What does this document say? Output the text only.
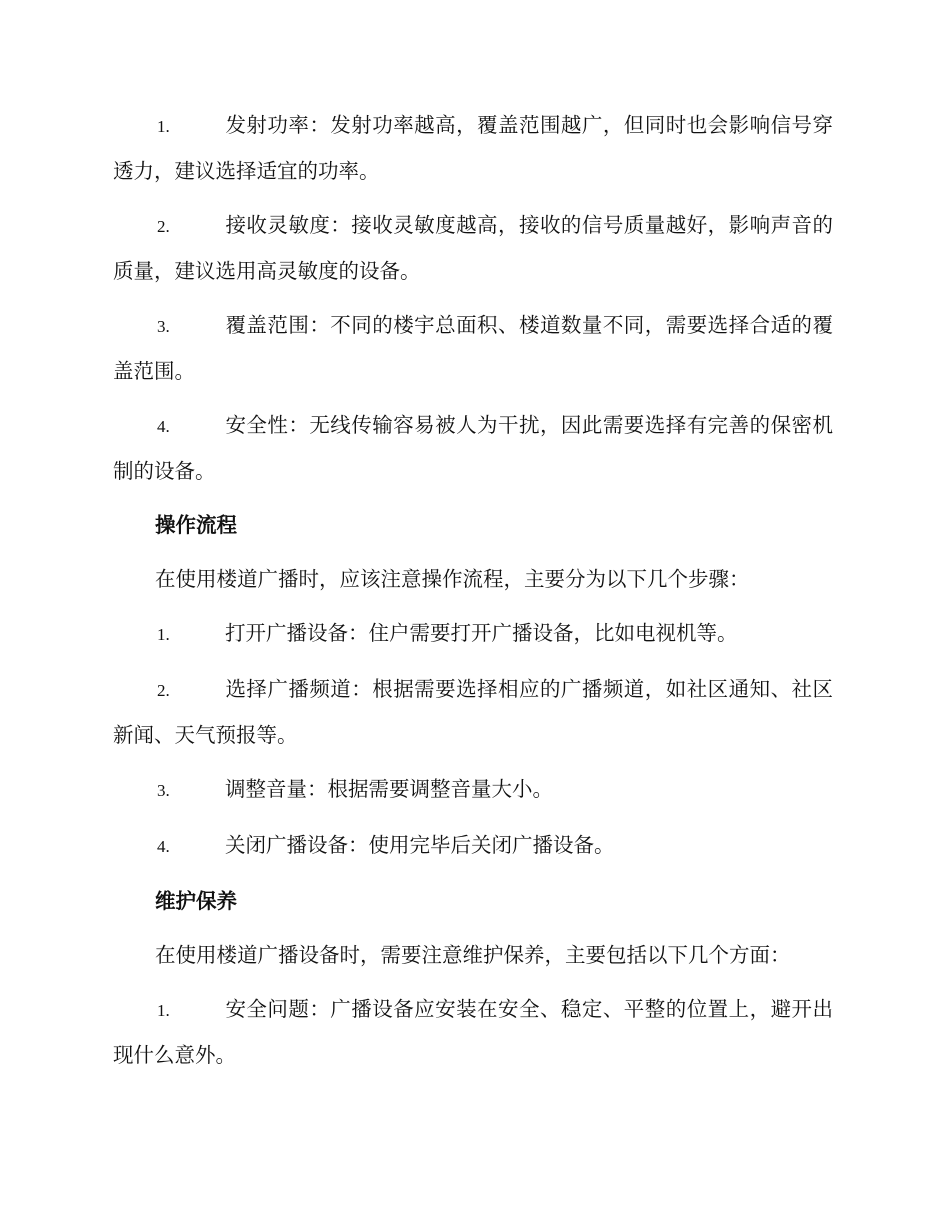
1.	发射功率：发射功率越高，覆盖范围越广，但同时也会影响信号穿透力，建议选择适宜的功率。
2.	接收灵敏度：接收灵敏度越高，接收的信号质量越好，影响声音的质量，建议选用高灵敏度的设备。
3.	覆盖范围：不同的楼宇总面积、楼道数量不同，需要选择合适的覆盖范围。
4.	安全性：无线传输容易被人为干扰，因此需要选择有完善的保密机制的设备。
操作流程
在使用楼道广播时，应该注意操作流程，主要分为以下几个步骤：
1.	打开广播设备：住户需要打开广播设备，比如电视机等。
2.	选择广播频道：根据需要选择相应的广播频道，如社区通知、社区新闻、天气预报等。
3.	调整音量：根据需要调整音量大小。
4.	关闭广播设备：使用完毕后关闭广播设备。
维护保养
在使用楼道广播设备时，需要注意维护保养，主要包括以下几个方面：
1.	安全问题：广播设备应安装在安全、稳定、平整的位置上，避开出现什么意外。
